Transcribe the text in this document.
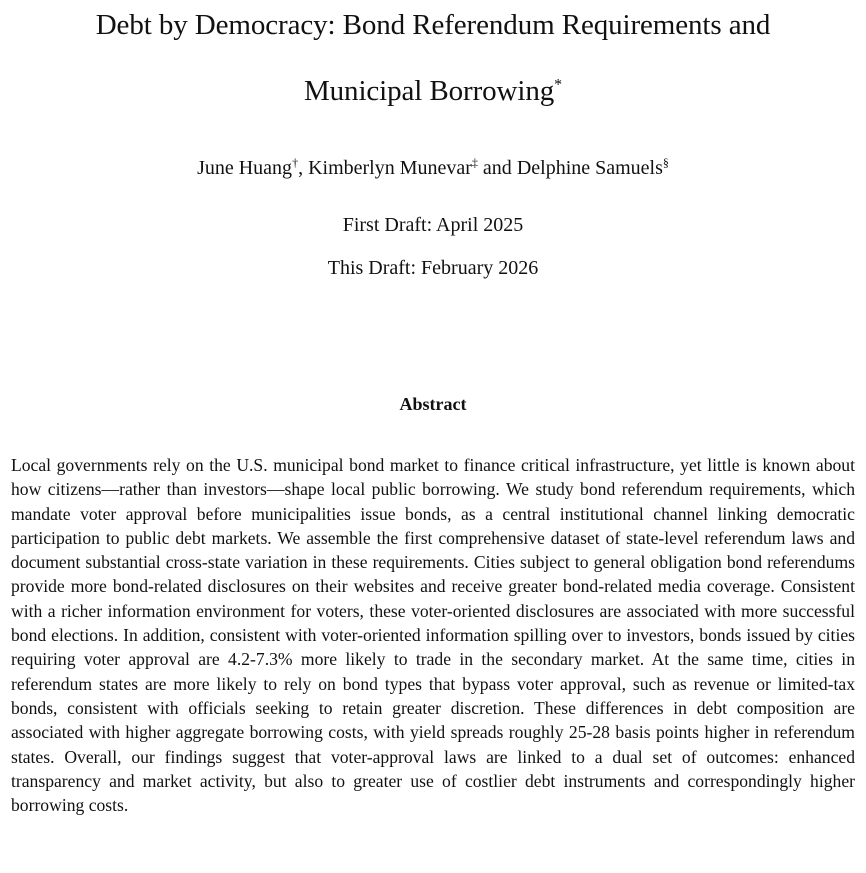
Debt by Democracy: Bond Referendum Requirements and
Municipal Borrowing*
June Huang†, Kimberlyn Munevar‡ and Delphine Samuels§
First Draft: April 2025
This Draft: February 2026
Abstract

Local governments rely on the U.S. municipal bond market to finance critical infrastructure, yet little is known about how citizens—rather than investors—shape local public borrowing. We study bond referendum requirements, which mandate voter approval before municipalities issue bonds, as a central institutional channel linking democratic participation to public debt markets. We assemble the first comprehensive dataset of state-level referendum laws and document substantial cross-state variation in these requirements. Cities subject to general obligation bond referendums provide more bond-related disclosures on their websites and receive greater bond-related media coverage. Consistent with a richer information environment for voters, these voter-oriented disclosures are associated with more successful bond elections. In addition, consistent with voter-oriented information spilling over to investors, bonds issued by cities requiring voter approval are 4.2-7.3% more likely to trade in the secondary market. At the same time, cities in referendum states are more likely to rely on bond types that bypass voter approval, such as revenue or limited-tax bonds, consistent with officials seeking to retain greater discretion. These differences in debt composition are associated with higher aggregate borrowing costs, with yield spreads roughly 25-28 basis points higher in referendum states. Overall, our findings suggest that voter-approval laws are linked to a dual set of outcomes: enhanced transparency and market activity, but also to greater use of costlier debt instruments and correspondingly higher borrowing costs.
